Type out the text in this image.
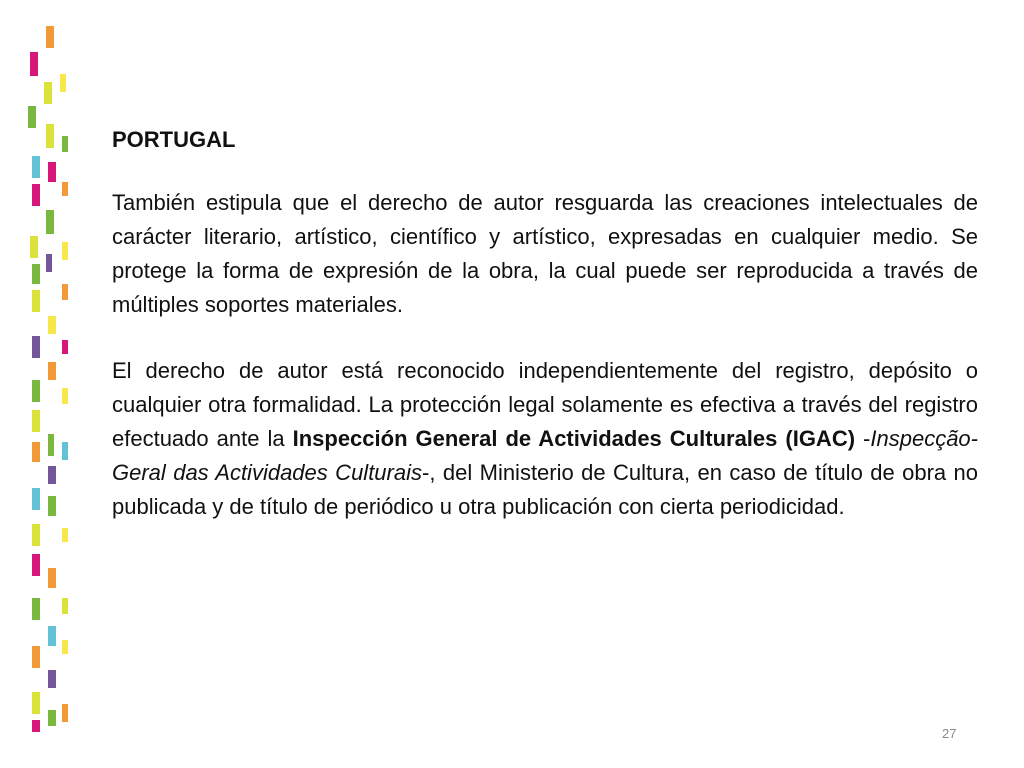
PORTUGAL

También estipula que el derecho de autor resguarda las creaciones intelectuales de carácter literario, artístico, científico y artístico, expresadas en cualquier medio. Se protege la forma de expresión de la obra, la cual puede ser reproducida a través de múltiples soportes materiales.

El derecho de autor está reconocido independientemente del registro, depósito o cualquier otra formalidad. La protección legal solamente es efectiva a través del registro efectuado ante la Inspección General de Actividades Culturales (IGAC) -Inspecção-Geral das Actividades Culturais-, del Ministerio de Cultura, en caso de título de obra no publicada y de título de periódico u otra publicación con cierta periodicidad.

27
